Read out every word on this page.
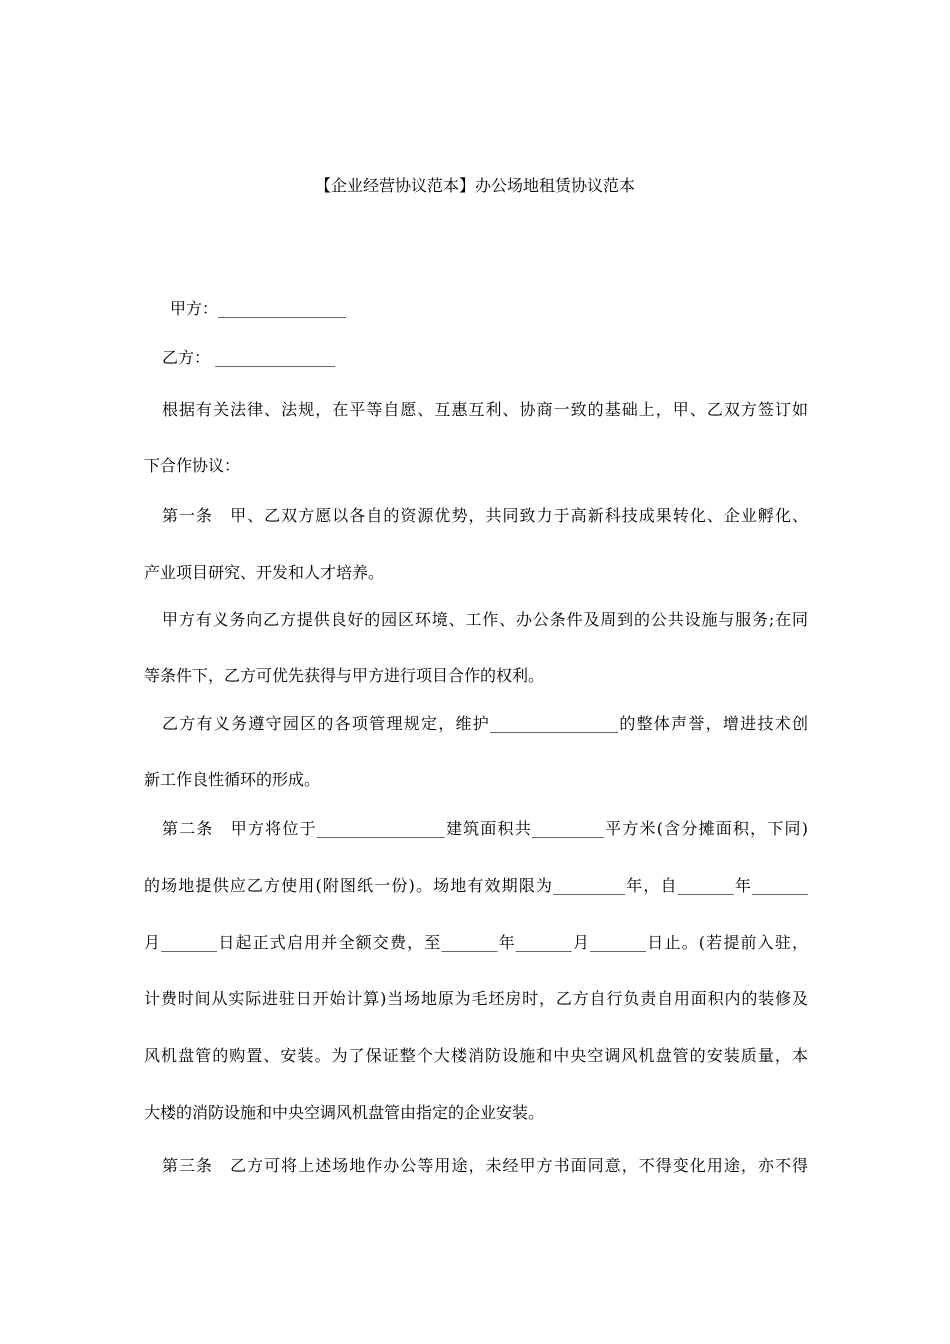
【企业经营协议范本】办公场地租赁协议范本
甲方：________________
乙方： _______________
根据有关法律、法规，在平等自愿、互惠互利、协商一致的基础上，甲、乙双方签订如
下合作协议：
第一条　甲、乙双方愿以各自的资源优势，共同致力于高新科技成果转化、企业孵化、
产业项目研究、开发和人才培养。
甲方有义务向乙方提供良好的园区环境、工作、办公条件及周到的公共设施与服务;在同
等条件下，乙方可优先获得与甲方进行项目合作的权利。
乙方有义务遵守园区的各项管理规定，维护________________的整体声誉，增进技术创
新工作良性循环的形成。
第二条　甲方将位于________________建筑面积共_________平方米(含分摊面积，下同)
的场地提供应乙方使用(附图纸一份)。场地有效期限为_________年，自_______年_______
月_______日起正式启用并全额交费，至_______年_______月_______日止。(若提前入驻，
计费时间从实际进驻日开始计算)当场地原为毛坯房时，乙方自行负责自用面积内的装修及
风机盘管的购置、安装。为了保证整个大楼消防设施和中央空调风机盘管的安装质量，本
大楼的消防设施和中央空调风机盘管由指定的企业安装。
第三条　乙方可将上述场地作办公等用途，未经甲方书面同意，不得变化用途，亦不得
